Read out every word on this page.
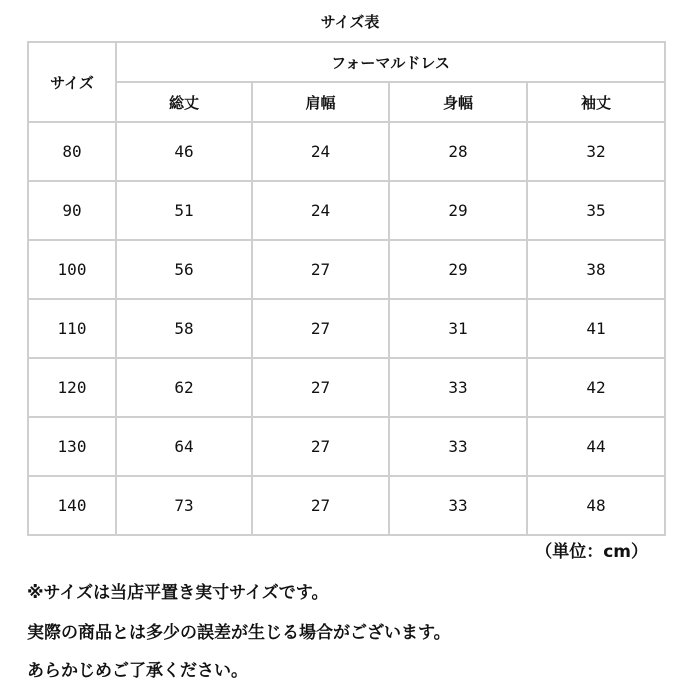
サイズ表
サイズ	フォーマルドレス			
	総丈	肩幅	身幅	袖丈
80	46	24	28	32
90	51	24	29	35
100	56	27	29	38
110	58	27	31	41
120	62	27	33	42
130	64	27	33	44
140	73	27	33	48
（単位：cm）
※サイズは当店平置き実寸サイズです。
実際の商品とは多少の誤差が生じる場合がございます。
あらかじめご了承ください。
